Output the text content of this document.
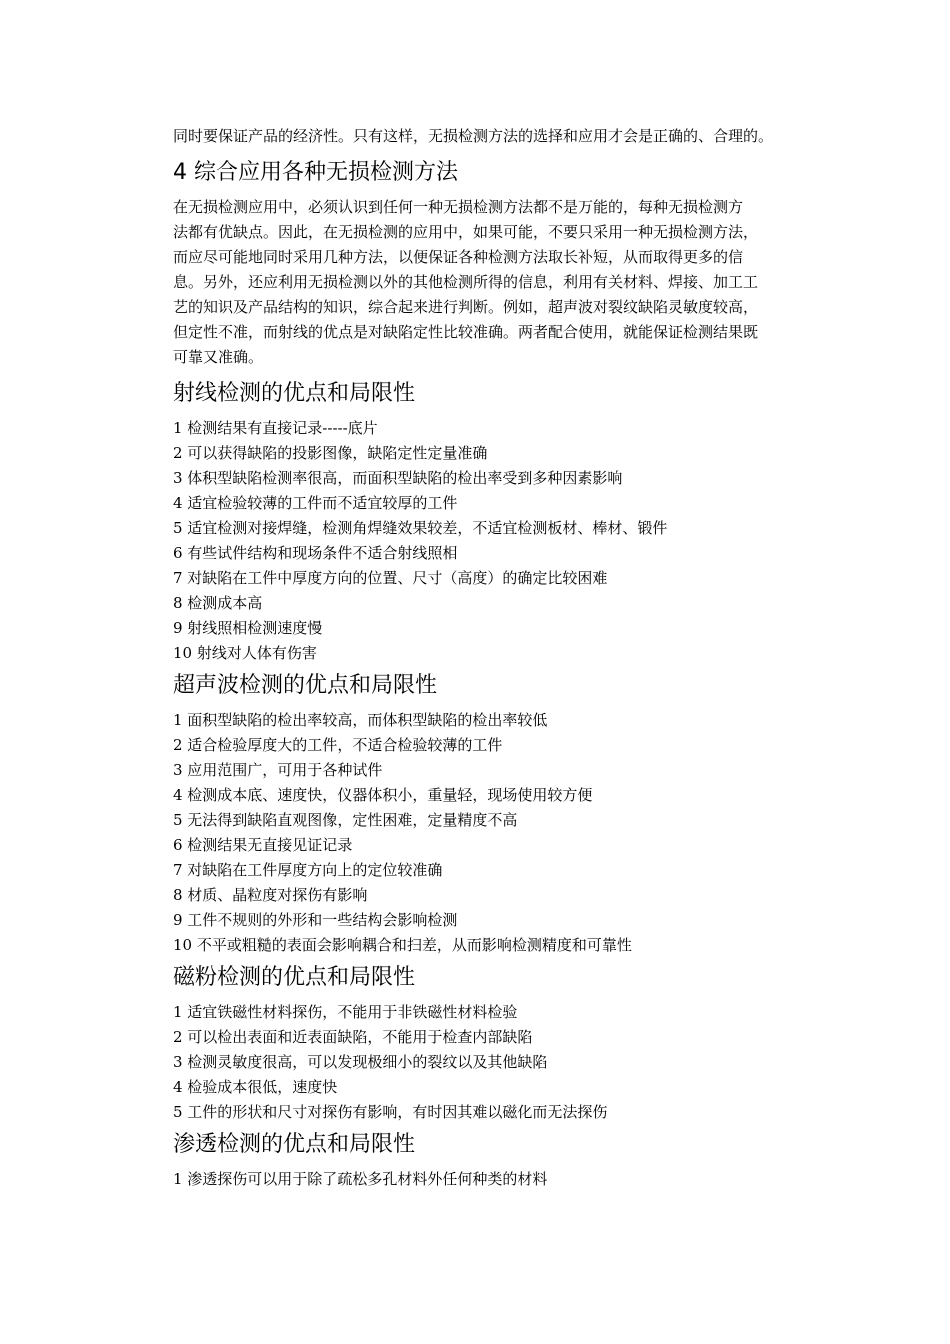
同时要保证产品的经济性。只有这样，无损检测方法的选择和应用才会是正确的、合理的。

4 综合应用各种无损检测方法

在无损检测应用中，必须认识到任何一种无损检测方法都不是万能的，每种无损检测方

法都有优缺点。因此，在无损检测的应用中，如果可能，不要只采用一种无损检测方法，

而应尽可能地同时采用几种方法，以便保证各种检测方法取长补短，从而取得更多的信

息。另外，还应利用无损检测以外的其他检测所得的信息，利用有关材料、焊接、加工工

艺的知识及产品结构的知识，综合起来进行判断。例如，超声波对裂纹缺陷灵敏度较高，

但定性不准，而射线的优点是对缺陷定性比较准确。两者配合使用，就能保证检测结果既

可靠又准确。

射线检测的优点和局限性
1 检测结果有直接记录-----底片
2 可以获得缺陷的投影图像，缺陷定性定量准确
3 体积型缺陷检测率很高，而面积型缺陷的检出率受到多种因素影响
4 适宜检验较薄的工件而不适宜较厚的工件
5 适宜检测对接焊缝，检测角焊缝效果较差，不适宜检测板材、棒材、锻件
6 有些试件结构和现场条件不适合射线照相
7 对缺陷在工件中厚度方向的位置、尺寸（高度）的确定比较困难
8 检测成本高
9 射线照相检测速度慢
10 射线对人体有伤害
超声波检测的优点和局限性
1 面积型缺陷的检出率较高，而体积型缺陷的检出率较低
2 适合检验厚度大的工件，不适合检验较薄的工件
3 应用范围广，可用于各种试件
4 检测成本底、速度快，仪器体积小，重量轻，现场使用较方便
5 无法得到缺陷直观图像，定性困难，定量精度不高
6 检测结果无直接见证记录
7 对缺陷在工件厚度方向上的定位较准确
8 材质、晶粒度对探伤有影响
9 工件不规则的外形和一些结构会影响检测
10 不平或粗糙的表面会影响耦合和扫差，从而影响检测精度和可靠性
磁粉检测的优点和局限性
1 适宜铁磁性材料探伤，不能用于非铁磁性材料检验
2 可以检出表面和近表面缺陷，不能用于检查内部缺陷
3 检测灵敏度很高，可以发现极细小的裂纹以及其他缺陷
4 检验成本很低，速度快
5 工件的形状和尺寸对探伤有影响，有时因其难以磁化而无法探伤
渗透检测的优点和局限性
1 渗透探伤可以用于除了疏松多孔材料外任何种类的材料
